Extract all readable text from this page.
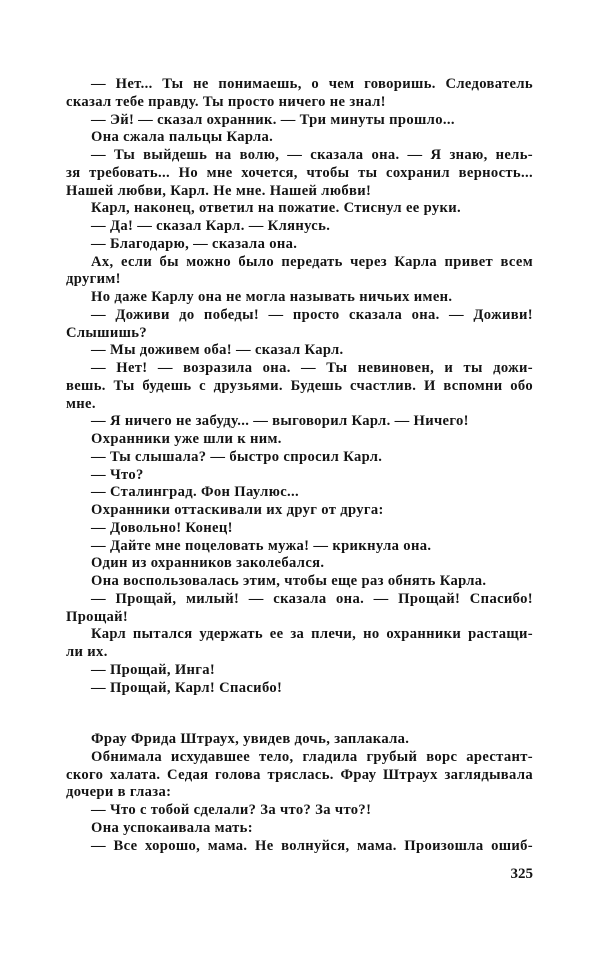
— Нет... Ты не понимаешь, о чем говоришь. Следователь
сказал тебе правду. Ты просто ничего не знал!
— Эй! — сказал охранник. — Три минуты прошло...
Она сжала пальцы Карла.
— Ты выйдешь на волю, — сказала она. — Я знаю, нель-
зя требовать... Но мне хочется, чтобы ты сохранил верность...
Нашей любви, Карл. Не мне. Нашей любви!
Карл, наконец, ответил на пожатие. Стиснул ее руки.
— Да! — сказал Карл. — Клянусь.
— Благодарю, — сказала она.
Ах, если бы можно было передать через Карла привет всем
другим!
Но даже Карлу она не могла называть ничьих имен.
— Доживи до победы! — просто сказала она. — Доживи!
Слышишь?
— Мы доживем оба! — сказал Карл.
— Нет! — возразила она. — Ты невиновен, и ты дожи-
вешь. Ты будешь с друзьями. Будешь счастлив. И вспомни обо
мне.
— Я ничего не забуду... — выговорил Карл. — Ничего!
Охранники уже шли к ним.
— Ты слышала? — быстро спросил Карл.
— Что?
— Сталинград. Фон Паулюс...
Охранники оттаскивали их друг от друга:
— Довольно! Конец!
— Дайте мне поцеловать мужа! — крикнула она.
Один из охранников заколебался.
Она воспользовалась этим, чтобы еще раз обнять Карла.
— Прощай, милый! — сказала она. — Прощай! Спасибо!
Прощай!
Карл пытался удержать ее за плечи, но охранники растащи-
ли их.
— Прощай, Инга!
— Прощай, Карл! Спасибо!
Фрау Фрида Штраух, увидев дочь, заплакала.
Обнимала исхудавшее тело, гладила грубый ворс арестант-
ского халата. Седая голова тряслась. Фрау Штраух заглядывала
дочери в глаза:
— Что с тобой сделали? За что? За что?!
Она успокаивала мать:
— Все хорошо, мама. Не волнуйся, мама. Произошла ошиб-
325
